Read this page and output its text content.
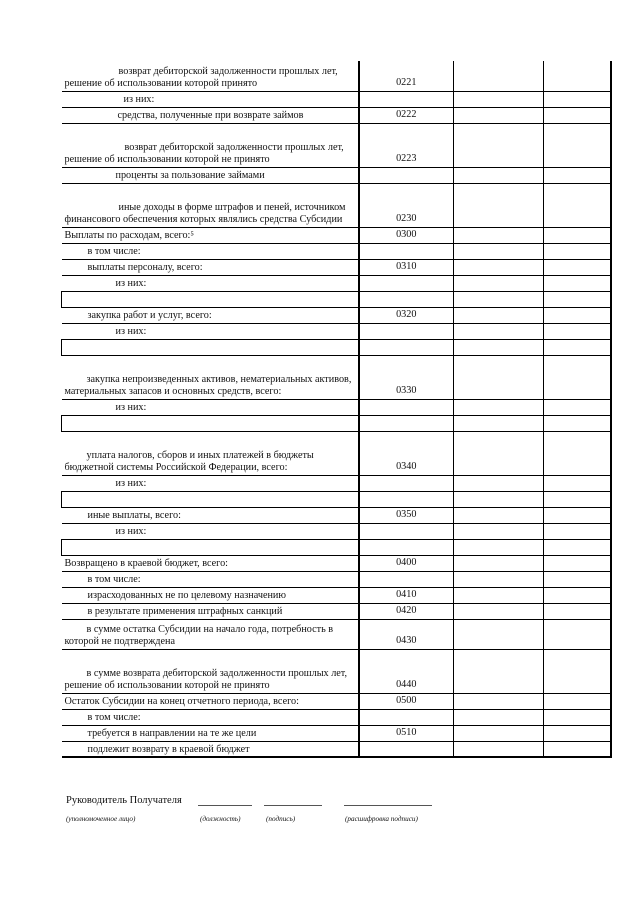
возврат дебиторской задолженности прошлых лет, решение об использовании которой принято	0221		
из них:			
средства, полученные при возврате займов	0222		
возврат дебиторской задолженности прошлых лет, решение об использовании которой не принято	0223		
проценты за пользование займами			
иные доходы в форме штрафов и пеней, источником финансового обеспечения которых являлись средства Субсидии	0230		
Выплаты по расходам, всего:⁵	0300		
в том числе:			
выплаты персоналу, всего:	0310		
из них:			

закупка работ и услуг, всего:	0320		
из них:			

закупка непроизведенных активов, нематериальных активов, материальных запасов и основных средств, всего:	0330		
из них:			

уплата налогов, сборов и иных платежей в бюджеты бюджетной системы Российской Федерации, всего:	0340		
из них:			

иные выплаты, всего:	0350		
из них:			

Возвращено в краевой бюджет, всего:	0400		
в том числе:			
израсходованных не по целевому назначению	0410		
в результате применения штрафных санкций	0420		
в сумме остатка Субсидии на начало года, потребность в которой не подтверждена	0430		
в сумме возврата дебиторской задолженности прошлых лет, решение об использовании которой не принято	0440		
Остаток Субсидии на конец отчетного периода, всего:	0500		
в том числе:			
требуется в направлении на те же цели	0510		
подлежит возврату в краевой бюджет			
Руководитель Получателя
(уполномоченное лицо)	(должность)	(подпись)	(расшифровка подписи)
